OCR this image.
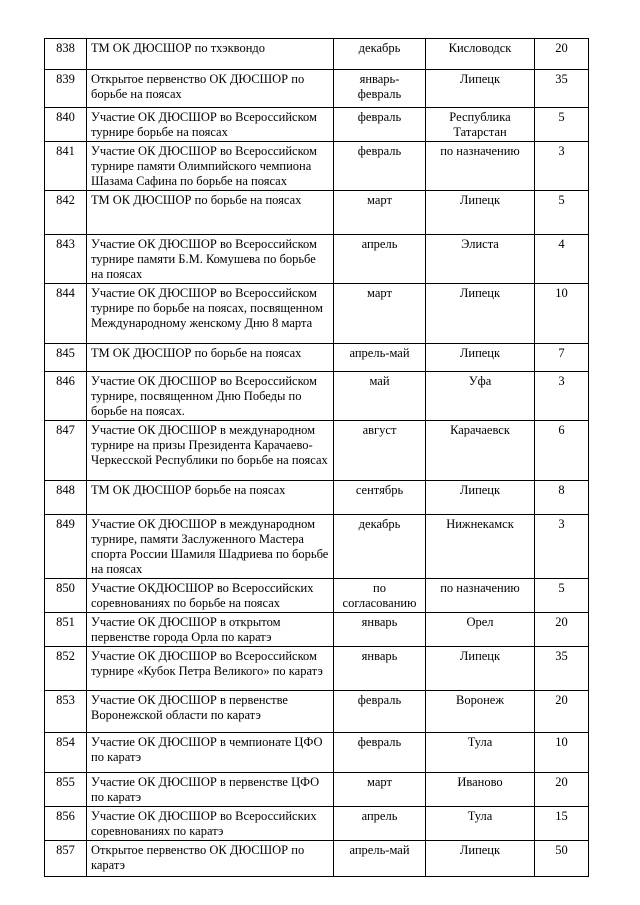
838	ТМ ОК ДЮСШОР по тхэквондо	декабрь	Кисловодск	20
839	Открытое первенство ОК ДЮСШОР по борьбе на поясах	январь-февраль	Липецк	35
840	Участие ОК ДЮСШОР во Всероссийском турнире борьбе на поясах	февраль	Республика Татарстан	5
841	Участие ОК ДЮСШОР во Всероссийском турнире памяти Олимпийского чемпиона Шазама Сафина по борьбе на поясах	февраль	по назначению	3
842	ТМ ОК ДЮСШОР по борьбе на поясах	март	Липецк	5
843	Участие ОК ДЮСШОР во Всероссийском турнире памяти Б.М. Комушева по борьбе на поясах	апрель	Элиста	4
844	Участие ОК ДЮСШОР во Всероссийском турнире по борьбе на поясах, посвященном Международному женскому Дню 8 марта	март	Липецк	10
845	ТМ ОК ДЮСШОР по борьбе на поясах	апрель-май	Липецк	7
846	Участие ОК ДЮСШОР во Всероссийском турнире, посвященном Дню Победы по борьбе на поясах.	май	Уфа	3
847	Участие ОК ДЮСШОР в международном турнире на призы Президента Карачаево-Черкесской Республики по борьбе на поясах	август	Карачаевск	6
848	ТМ ОК ДЮСШОР борьбе на поясах	сентябрь	Липецк	8
849	Участие ОК ДЮСШОР в международном турнире, памяти Заслуженного Мастера спорта России Шамиля Шадриева по борьбе на поясах	декабрь	Нижнекамск	3
850	Участие ОКДЮСШОР во Всероссийских соревнованиях по борьбе на поясах	по согласованию	по назначению	5
851	Участие ОК ДЮСШОР в открытом первенстве города Орла по каратэ	январь	Орел	20
852	Участие ОК ДЮСШОР во Всероссийском турнире «Кубок Петра Великого» по каратэ	январь	Липецк	35
853	Участие ОК ДЮСШОР в первенстве Воронежской области по каратэ	февраль	Воронеж	20
854	Участие ОК ДЮСШОР в чемпионате ЦФО по каратэ	февраль	Тула	10
855	Участие ОК ДЮСШОР в первенстве ЦФО по каратэ	март	Иваново	20
856	Участие ОК ДЮСШОР во Всероссийских соревнованиях по каратэ	апрель	Тула	15
857	Открытое первенство ОК ДЮСШОР по каратэ	апрель-май	Липецк	50
